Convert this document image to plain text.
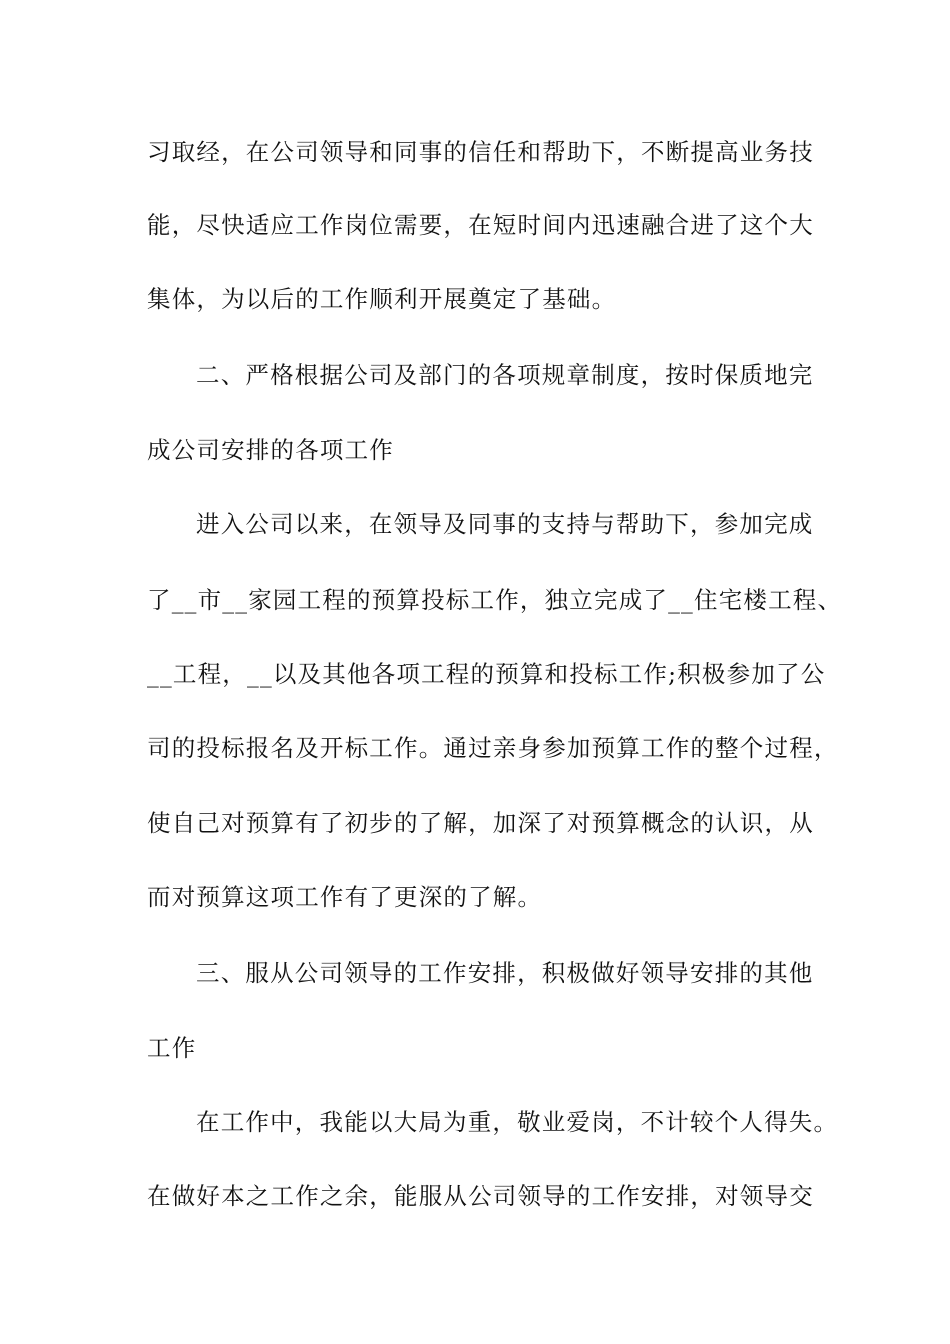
习取经，在公司领导和同事的信任和帮助下，不断提高业务技
能，尽快适应工作岗位需要，在短时间内迅速融合进了这个大
集体，为以后的工作顺利开展奠定了基础。
二、严格根据公司及部门的各项规章制度，按时保质地完
成公司安排的各项工作
进入公司以来，在领导及同事的支持与帮助下，参加完成
了__市__家园工程的预算投标工作，独立完成了__住宅楼工程、
__工程，__以及其他各项工程的预算和投标工作;积极参加了公
司的投标报名及开标工作。通过亲身参加预算工作的整个过程，
使自己对预算有了初步的了解，加深了对预算概念的认识，从
而对预算这项工作有了更深的了解。
三、服从公司领导的工作安排，积极做好领导安排的其他
工作
在工作中，我能以大局为重，敬业爱岗，不计较个人得失。
在做好本之工作之余，能服从公司领导的工作安排，对领导交
